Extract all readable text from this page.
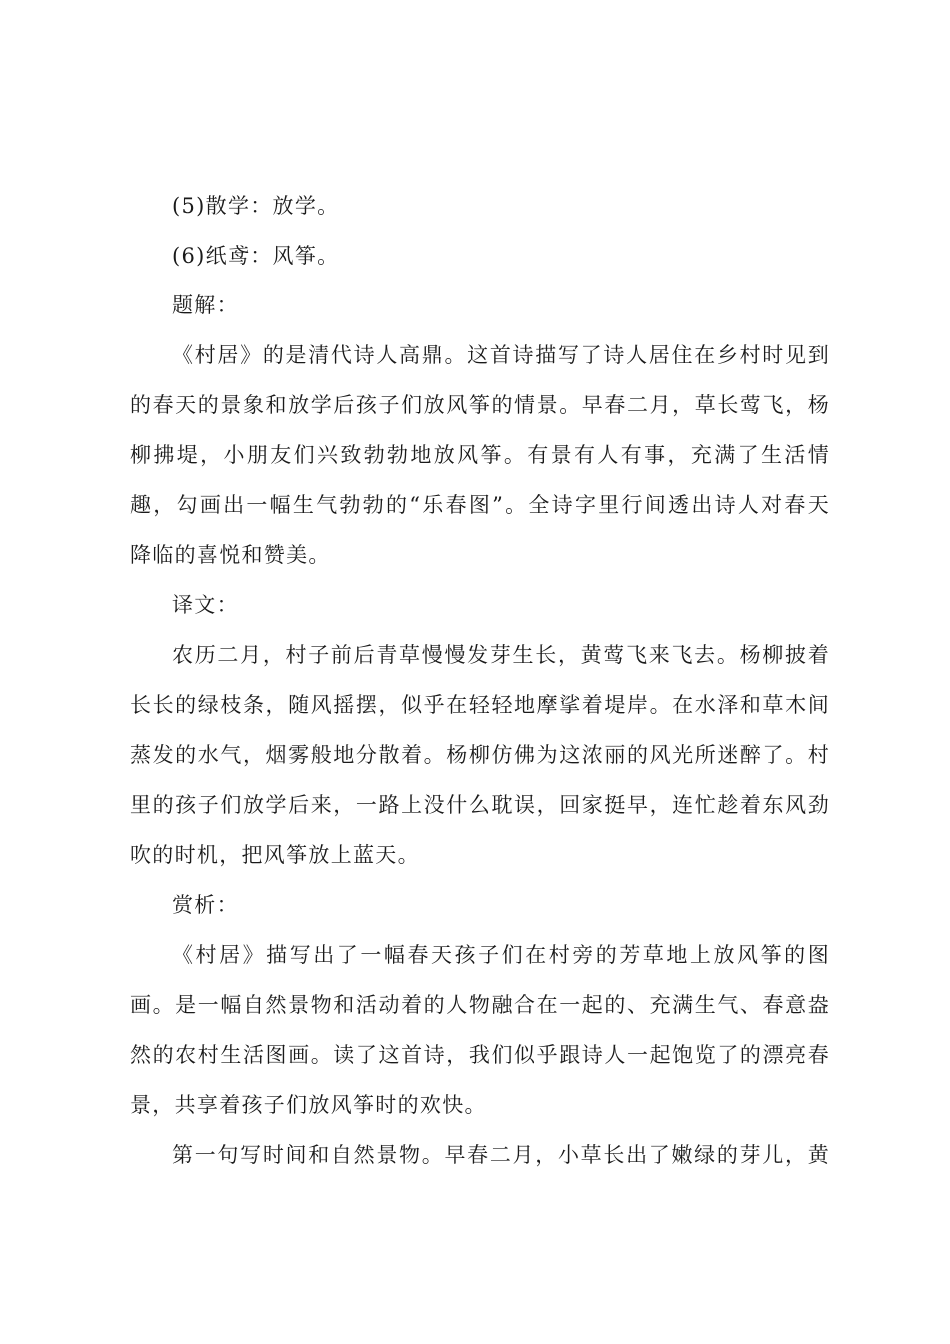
(5)散学：放学。
(6)纸鸢：风筝。
题解：
《村居》的是清代诗人高鼎。这首诗描写了诗人居住在乡村时见到
的春天的景象和放学后孩子们放风筝的情景。早春二月，草长莺飞，杨
柳拂堤，小朋友们兴致勃勃地放风筝。有景有人有事，充满了生活情
趣，勾画出一幅生气勃勃的“乐春图”。全诗字里行间透出诗人对春天
降临的喜悦和赞美。
译文：
农历二月，村子前后青草慢慢发芽生长，黄莺飞来飞去。杨柳披着
长长的绿枝条，随风摇摆，似乎在轻轻地摩挲着堤岸。在水泽和草木间
蒸发的水气，烟雾般地分散着。杨柳仿佛为这浓丽的风光所迷醉了。村
里的孩子们放学后来，一路上没什么耽误，回家挺早，连忙趁着东风劲
吹的时机，把风筝放上蓝天。
赏析：
《村居》描写出了一幅春天孩子们在村旁的芳草地上放风筝的图
画。是一幅自然景物和活动着的人物融合在一起的、充满生气、春意盎
然的农村生活图画。读了这首诗，我们似乎跟诗人一起饱览了的漂亮春
景，共享着孩子们放风筝时的欢快。
第一句写时间和自然景物。早春二月，小草长出了嫩绿的芽儿，黄
